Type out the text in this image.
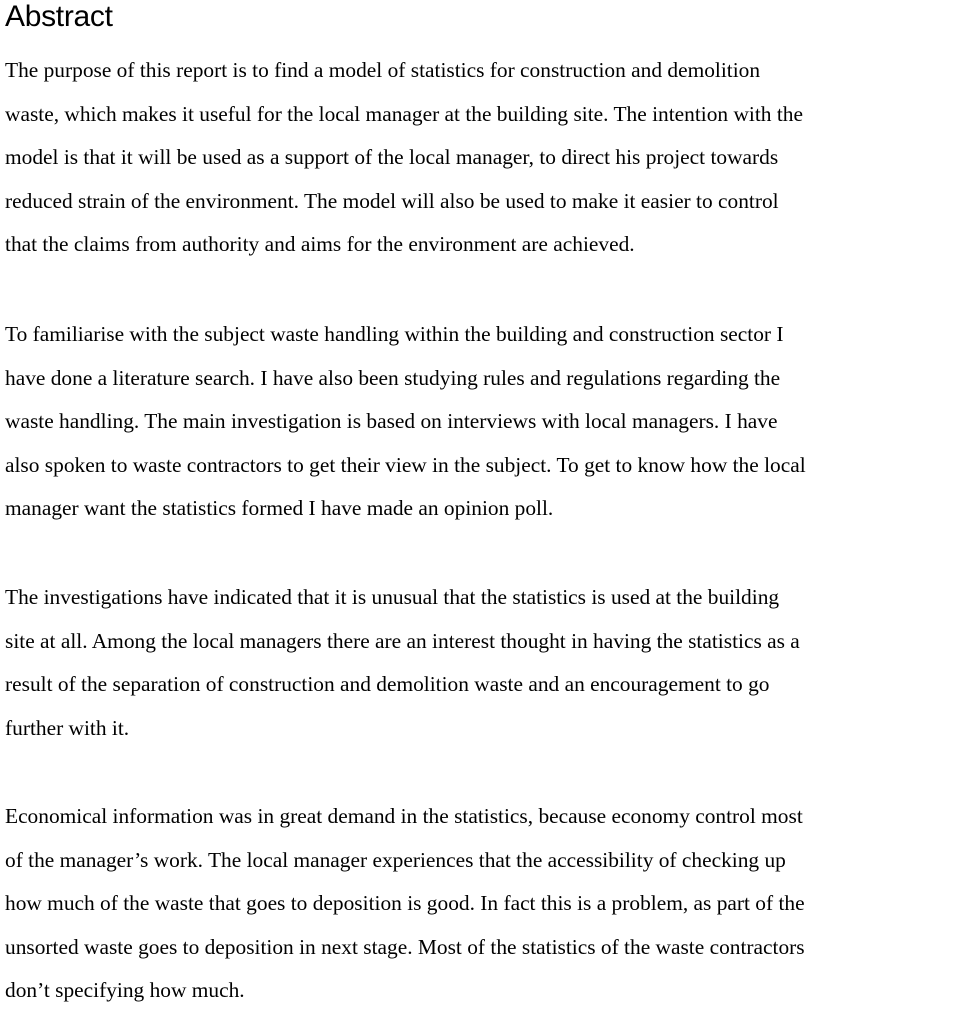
Abstract

The purpose of this report is to find a model of statistics for construction and demolition
waste, which makes it useful for the local manager at the building site. The intention with the
model is that it will be used as a support of the local manager, to direct his project towards
reduced strain of the environment. The model will also be used to make it easier to control
that the claims from authority and aims for the environment are achieved.

To familiarise with the subject waste handling within the building and construction sector I
have done a literature search. I have also been studying rules and regulations regarding the
waste handling. The main investigation is based on interviews with local managers. I have
also spoken to waste contractors to get their view in the subject. To get to know how the local
manager want the statistics formed I have made an opinion poll.

The investigations have indicated that it is unusual that the statistics is used at the building
site at all. Among the local managers there are an interest thought in having the statistics as a
result of the separation of construction and demolition waste and an encouragement to go
further with it.

Economical information was in great demand in the statistics, because economy control most
of the manager’s work. The local manager experiences that the accessibility of checking up
how much of the waste that goes to deposition is good. In fact this is a problem, as part of the
unsorted waste goes to deposition in next stage. Most of the statistics of the waste contractors
don’t specifying how much.
